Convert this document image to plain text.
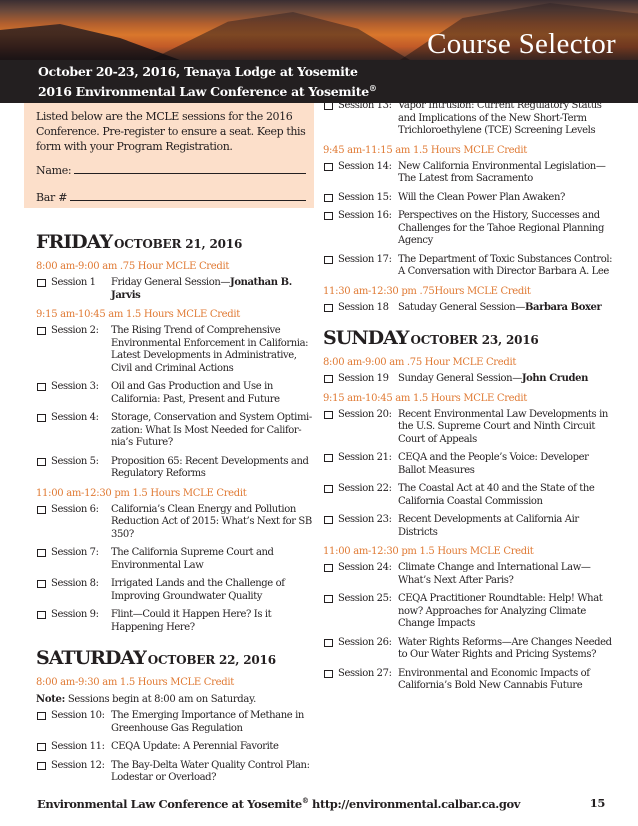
Course Selector
October 20-23, 2016, Tenaya Lodge at Yosemite
2016 Environmental Law Conference at Yosemite®
Listed below are the MCLE sessions for the 2016 Conference. Pre-register to ensure a seat. Keep this form with your Program Registration.
Name:
Bar #
FRIDAY OCTOBER 21, 2016
8:00 am-9:00 am .75 Hour MCLE Credit
Session 1	Friday General Session—Jonathan B. Jarvis
9:15 am-10:45 am 1.5 Hours MCLE Credit
Session 2:	The Rising Trend of Comprehensive Environmental Enforcement in California: Latest Developments in Administrative, Civil and Criminal Actions
Session 3:	Oil and Gas Production and Use in California: Past, Present and Future
Session 4:	Storage, Conservation and System Optimi-zation: What Is Most Needed for Califor-nia’s Future?
Session 5:	Proposition 65: Recent Developments and Regulatory Reforms
11:00 am-12:30 pm 1.5 Hours MCLE Credit
Session 6:	California’s Clean Energy and Pollution Reduction Act of 2015: What’s Next for SB 350?
Session 7:	The California Supreme Court and Environmental Law
Session 8:	Irrigated Lands and the Challenge of Improving Groundwater Quality
Session 9:	Flint—Could it Happen Here? Is it Happening Here?
SATURDAY OCTOBER 22, 2016
8:00 am-9:30 am 1.5 Hours MCLE Credit
Note: Sessions begin at 8:00 am on Saturday.
Session 10: The Emerging Importance of Methane in Greenhouse Gas Regulation
Session 11: CEQA Update: A Perennial Favorite
Session 12: The Bay-Delta Water Quality Control Plan: Lodestar or Overload?
Session 13: Vapor Intrusion: Current Regulatory Status and Implications of the New Short-Term Trichloroethylene (TCE) Screening Levels
9:45 am-11:15 am 1.5 Hours MCLE Credit
Session 14: New California Environmental Legislation—The Latest from Sacramento
Session 15: Will the Clean Power Plan Awaken?
Session 16: Perspectives on the History, Successes and Challenges for the Tahoe Regional Planning Agency
Session 17: The Department of Toxic Substances Control: A Conversation with Director Barbara A. Lee
11:30 am-12:30 pm .75Hours MCLE Credit
Session 18 Satuday General Session—Barbara Boxer
SUNDAY OCTOBER 23, 2016
8:00 am-9:00 am .75 Hour MCLE Credit
Session 19 Sunday General Session—John Cruden
9:15 am-10:45 am 1.5 Hours MCLE Credit
Session 20: Recent Environmental Law Developments in the U.S. Supreme Court and Ninth Circuit Court of Appeals
Session 21: CEQA and the People’s Voice: Developer Ballot Measures
Session 22: The Coastal Act at 40 and the State of the California Coastal Commission
Session 23: Recent Developments at California Air Districts
11:00 am-12:30 pm 1.5 Hours MCLE Credit
Session 24: Climate Change and International Law—What’s Next After Paris?
Session 25: CEQA Practitioner Roundtable: Help! What now? Approaches for Analyzing Climate Change Impacts
Session 26: Water Rights Reforms—Are Changes Needed to Our Water Rights and Pricing Systems?
Session 27: Environmental and Economic Impacts of California’s Bold New Cannabis Future
Environmental Law Conference at Yosemite® http://environmental.calbar.ca.gov	15
